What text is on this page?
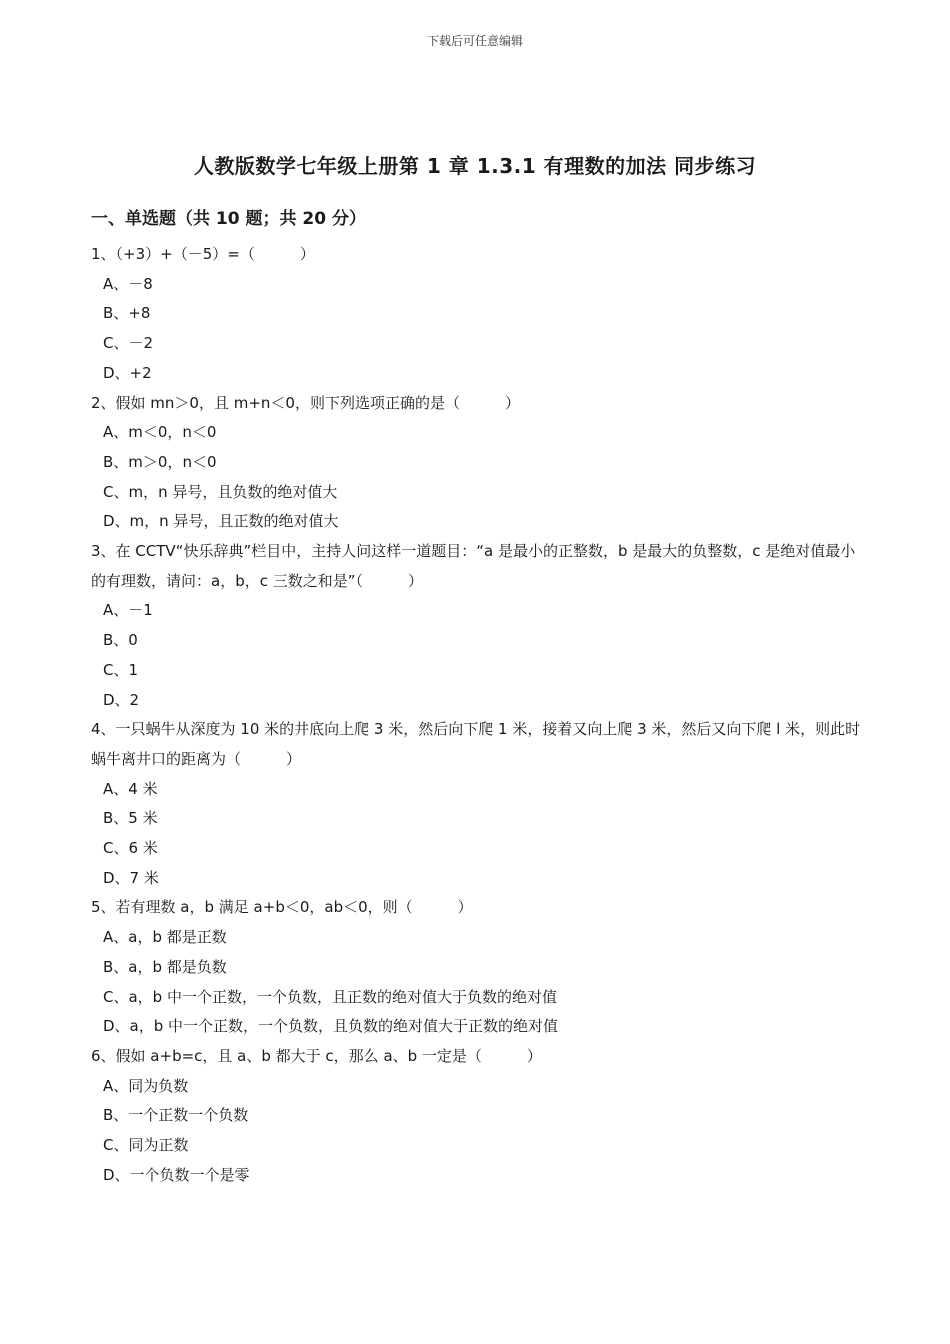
下载后可任意编辑
人教版数学七年级上册第 1 章 1.3.1 有理数的加法 同步练习
一、单选题（共 10 题；共 20 分）

1、（+3）+（－5）=（　　　）

A、－8

B、+8

C、－2

D、+2

2、假如 mn＞0，且 m+n＜0，则下列选项正确的是（　　　）

A、m＜0，n＜0

B、m＞0，n＜0

C、m，n 异号，且负数的绝对值大

D、m，n 异号，且正数的绝对值大

3、在 CCTV“快乐辞典”栏目中，主持人问这样一道题目：“a 是最小的正整数，b 是最大的负整数，c 是绝对值最小的有理数，请问：a，b，c 三数之和是”（　　　）

A、－1

B、0

C、1

D、2

4、一只蜗牛从深度为 10 米的井底向上爬 3 米，然后向下爬 1 米，接着又向上爬 3 米，然后又向下爬 l 米，则此时蜗牛离井口的距离为（　　　）

A、4 米

B、5 米

C、6 米

D、7 米

5、若有理数 a，b 满足 a+b＜0，ab＜0，则（　　　）

A、a，b 都是正数

B、a，b 都是负数

C、a，b 中一个正数，一个负数，且正数的绝对值大于负数的绝对值

D、a，b 中一个正数，一个负数，且负数的绝对值大于正数的绝对值

6、假如 a+b=c，且 a、b 都大于 c，那么 a、b 一定是（　　　）

A、同为负数

B、一个正数一个负数

C、同为正数

D、一个负数一个是零
